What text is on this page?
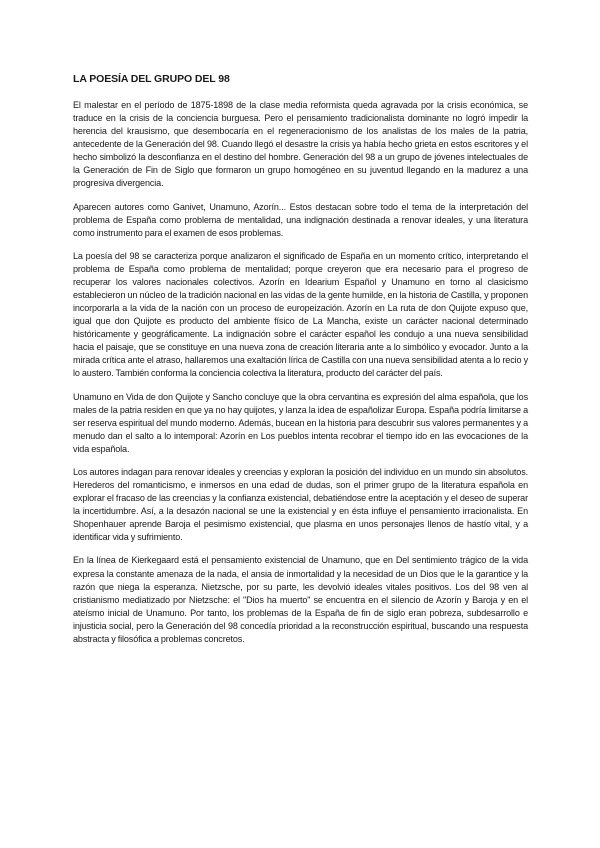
LA POESÍA DEL GRUPO DEL 98

El malestar en el período de 1875-1898 de la clase media reformista queda agravada por la crisis económica, se traduce en la crisis de la conciencia burguesa. Pero el pensamiento tradicionalista dominante no logró impedir la herencia del krausismo, que desembocaría en el regeneracionismo de los analistas de los males de la patria, antecedente de la Generación del 98. Cuando llegó el desastre la crisis ya había hecho grieta en estos escritores y el hecho simbolizó la desconfianza en el destino del hombre. Generación del 98 a un grupo de jóvenes intelectuales de la Generación de Fin de Siglo que formaron un grupo homogéneo en su juventud llegando en la madurez a una progresiva divergencia.

Aparecen autores como Ganivet, Unamuno, Azorín... Estos destacan sobre todo el tema de la interpretación del problema de España como problema de mentalidad, una indignación destinada a renovar ideales, y una literatura como instrumento para el examen de esos problemas.

La poesía del 98 se caracteriza porque analizaron el significado de España en un momento crítico, interpretando el problema de España como problema de mentalidad; porque creyeron que era necesario para el progreso de recuperar los valores nacionales colectivos. Azorín en Idearium Español y Unamuno en torno al clasicismo establecieron un núcleo de la tradición nacional en las vidas de la gente humilde, en la historia de Castilla, y proponen incorporarla a la vida de la nación con un proceso de europeización. Azorín en La ruta de don Quijote expuso que, igual que don Quijote es producto del ambiente físico de La Mancha, existe un carácter nacional determinado históricamente y geográficamente. La indignación sobre el carácter español les condujo a una nueva sensibilidad hacia el paisaje, que se constituye en una nueva zona de creación literaria ante a lo simbólico y evocador. Junto a la mirada crítica ante el atraso, hallaremos una exaltación lírica de Castilla con una nueva sensibilidad atenta a lo recio y lo austero. También conforma la conciencia colectiva la literatura, producto del carácter del país.

Unamuno en Vida de don Quijote y Sancho concluye que la obra cervantina es expresión del alma española, que los males de la patria residen en que ya no hay quijotes, y lanza la idea de españolizar Europa. España podría limitarse a ser reserva espiritual del mundo moderno. Además, bucean en la historia para descubrir sus valores permanentes y a menudo dan el salto a lo intemporal: Azorín en Los pueblos intenta recobrar el tiempo ido en las evocaciones de la vida española.

Los autores indagan para renovar ideales y creencias y exploran la posición del individuo en un mundo sin absolutos. Herederos del romanticismo, e inmersos en una edad de dudas, son el primer grupo de la literatura española en explorar el fracaso de las creencias y la confianza existencial, debatiéndose entre la aceptación y el deseo de superar la incertidumbre. Así, a la desazón nacional se une la existencial y en ésta influye el pensamiento irracionalista. En Shopenhauer aprende Baroja el pesimismo existencial, que plasma en unos personajes llenos de hastío vital, y a identificar vida y sufrimiento.

En la línea de Kierkegaard está el pensamiento existencial de Unamuno, que en Del sentimiento trágico de la vida expresa la constante amenaza de la nada, el ansia de inmortalidad y la necesidad de un Dios que le la garantice y la razón que niega la esperanza. Nietzsche, por su parte, les devolvió ideales vitales positivos. Los del 98 ven al cristianismo mediatizado por Nietzsche: el "Dios ha muerto" se encuentra en el silencio de Azorín y Baroja y en el ateísmo inicial de Unamuno. Por tanto, los problemas de la España de fin de siglo eran pobreza, subdesarrollo e injusticia social, pero la Generación del 98 concedía prioridad a la reconstrucción espiritual, buscando una respuesta abstracta y filosófica a problemas concretos.
